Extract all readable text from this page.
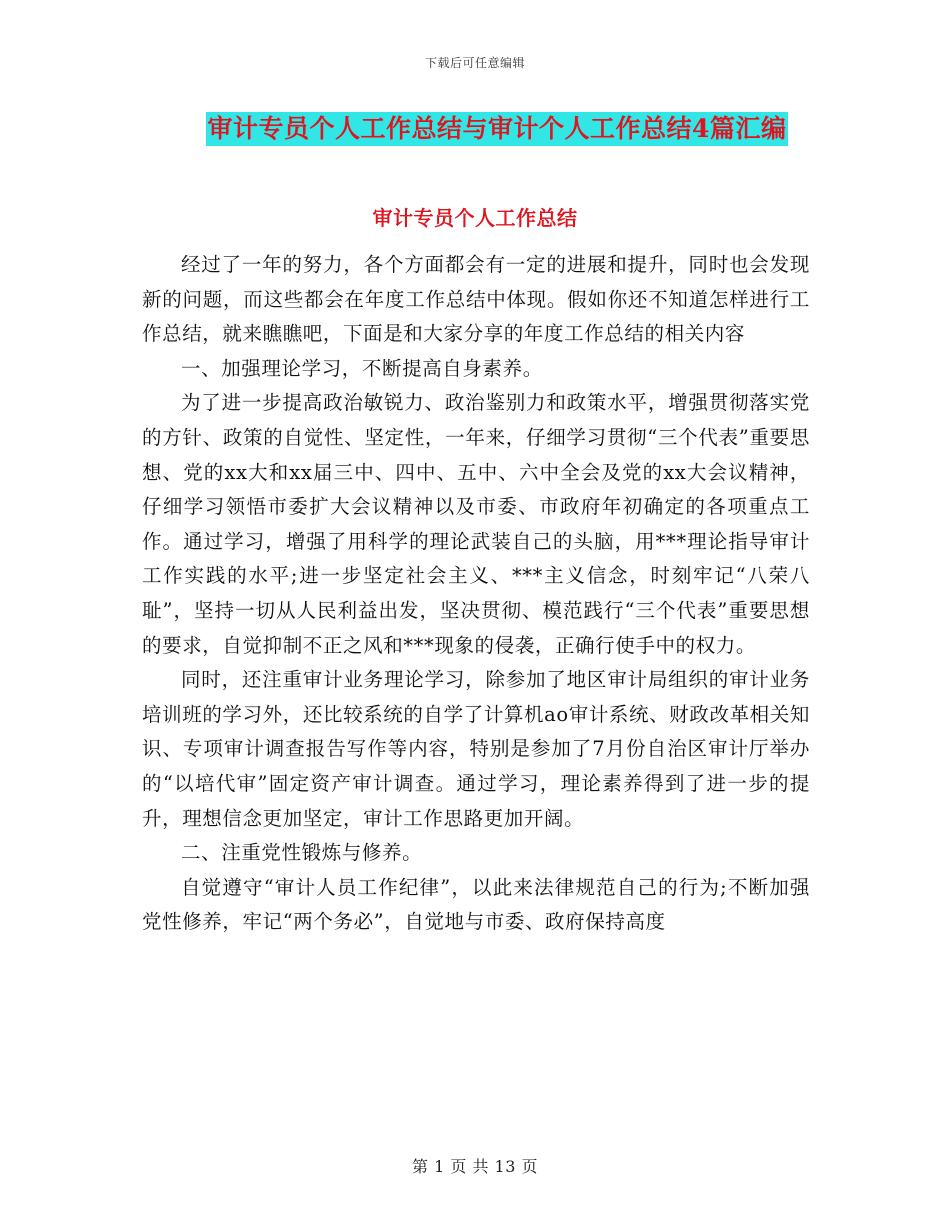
下载后可任意编辑
审计专员个人工作总结与审计个人工作总结4篇汇编
审计专员个人工作总结

经过了一年的努力，各个方面都会有一定的进展和提升，同时也会发现新的问题，而这些都会在年度工作总结中体现。假如你还不知道怎样进行工作总结，就来瞧瞧吧，下面是和大家分享的年度工作总结的相关内容

一、加强理论学习，不断提高自身素养。

为了进一步提高政治敏锐力、政治鉴别力和政策水平，增强贯彻落实党的方针、政策的自觉性、坚定性，一年来，仔细学习贯彻“三个代表”重要思想、党的xx大和xx届三中、四中、五中、六中全会及党的xx大会议精神，仔细学习领悟市委扩大会议精神以及市委、市政府年初确定的各项重点工作。通过学习，增强了用科学的理论武装自己的头脑，用***理论指导审计工作实践的水平;进一步坚定社会主义、***主义信念，时刻牢记“八荣八耻”，坚持一切从人民利益出发，坚决贯彻、模范践行“三个代表”重要思想的要求，自觉抑制不正之风和***现象的侵袭，正确行使手中的权力。

同时，还注重审计业务理论学习，除参加了地区审计局组织的审计业务培训班的学习外，还比较系统的自学了计算机ao审计系统、财政改革相关知识、专项审计调查报告写作等内容，特别是参加了7月份自治区审计厅举办的“以培代审”固定资产审计调查。通过学习，理论素养得到了进一步的提升，理想信念更加坚定，审计工作思路更加开阔。

二、注重党性锻炼与修养。

自觉遵守“审计人员工作纪律”，以此来法律规范自己的行为;不断加强党性修养，牢记“两个务必”，自觉地与市委、政府保持高度

第 1 页 共 13 页
